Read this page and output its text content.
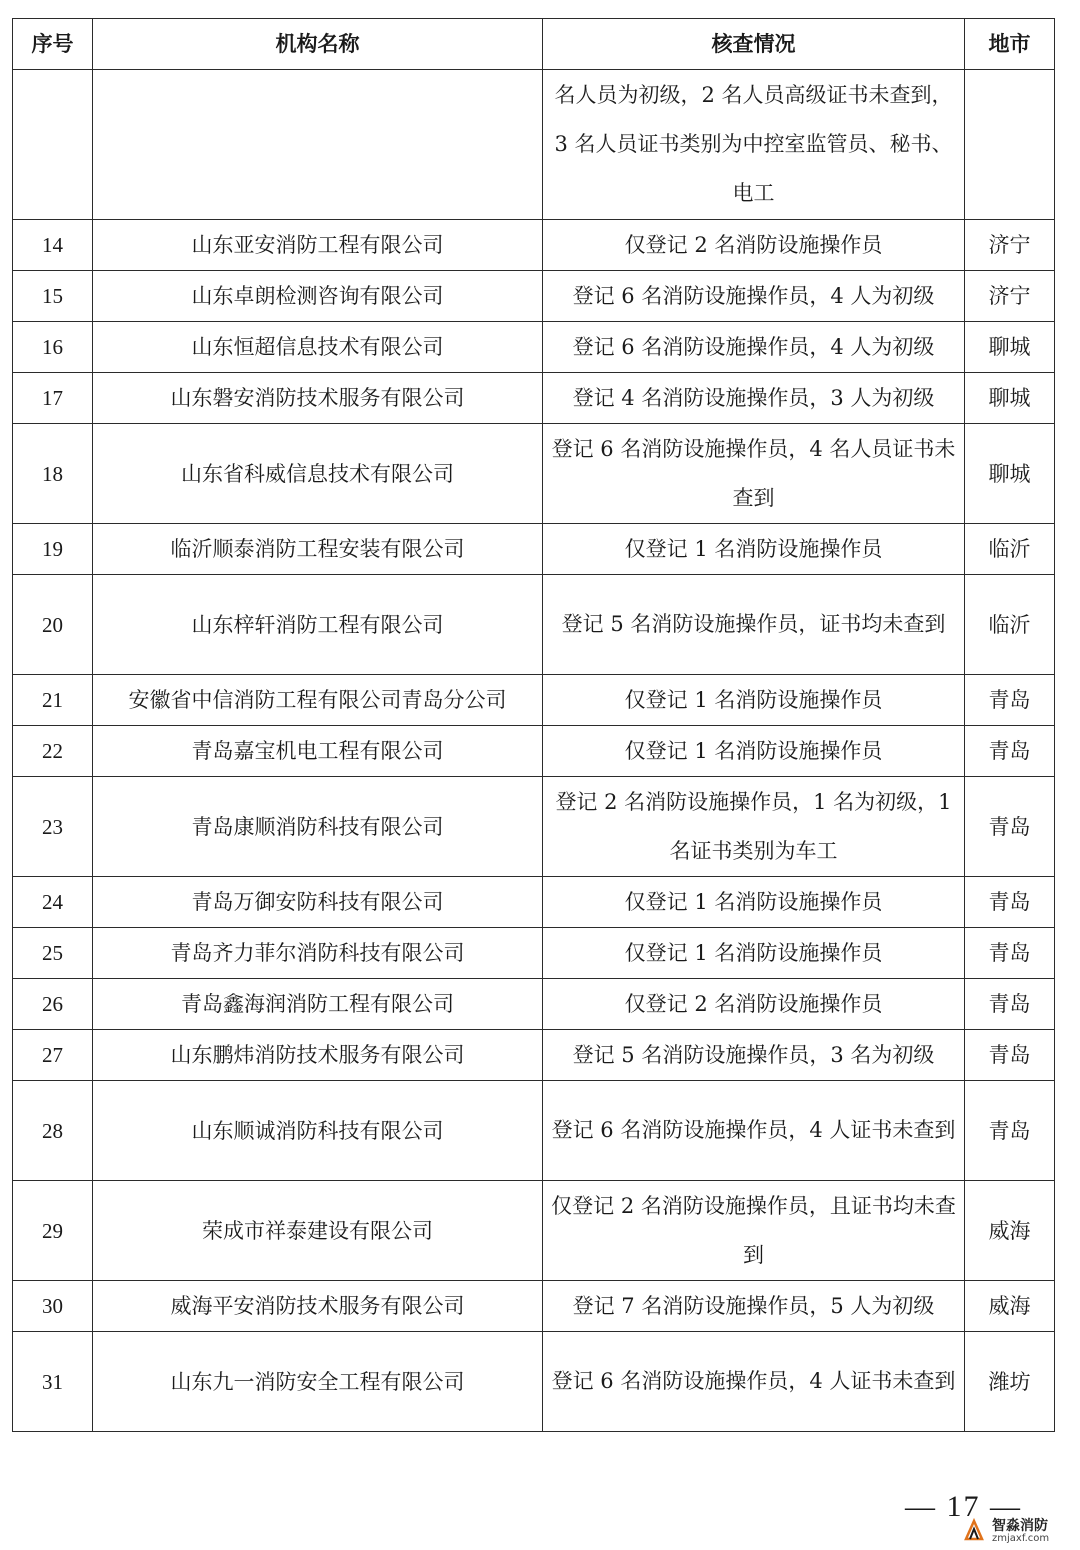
序号	机构名称	核查情况	地市
		名人员为初级，2 名人员高级证书未查到，3 名人员证书类别为中控室监管员、秘书、电工	
14	山东亚安消防工程有限公司	仅登记 2 名消防设施操作员	济宁
15	山东卓朗检测咨询有限公司	登记 6 名消防设施操作员，4 人为初级	济宁
16	山东恒超信息技术有限公司	登记 6 名消防设施操作员，4 人为初级	聊城
17	山东磐安消防技术服务有限公司	登记 4 名消防设施操作员，3 人为初级	聊城
18	山东省科威信息技术有限公司	登记 6 名消防设施操作员，4 名人员证书未查到	聊城
19	临沂顺泰消防工程安装有限公司	仅登记 1 名消防设施操作员	临沂
20	山东梓轩消防工程有限公司	登记 5 名消防设施操作员，证书均未查到	临沂
21	安徽省中信消防工程有限公司青岛分公司	仅登记 1 名消防设施操作员	青岛
22	青岛嘉宝机电工程有限公司	仅登记 1 名消防设施操作员	青岛
23	青岛康顺消防科技有限公司	登记 2 名消防设施操作员，1 名为初级，1 名证书类别为车工	青岛
24	青岛万御安防科技有限公司	仅登记 1 名消防设施操作员	青岛
25	青岛齐力菲尔消防科技有限公司	仅登记 1 名消防设施操作员	青岛
26	青岛鑫海润消防工程有限公司	仅登记 2 名消防设施操作员	青岛
27	山东鹏炜消防技术服务有限公司	登记 5 名消防设施操作员，3 名为初级	青岛
28	山东顺诚消防科技有限公司	登记 6 名消防设施操作员，4 人证书未查到	青岛
29	荣成市祥泰建设有限公司	仅登记 2 名消防设施操作员，且证书均未查到	威海
30	威海平安消防技术服务有限公司	登记 7 名消防设施操作员，5 人为初级	威海
31	山东九一消防安全工程有限公司	登记 6 名消防设施操作员，4 人证书未查到	潍坊
— 17 —
智淼消防
zmjaxf.com
